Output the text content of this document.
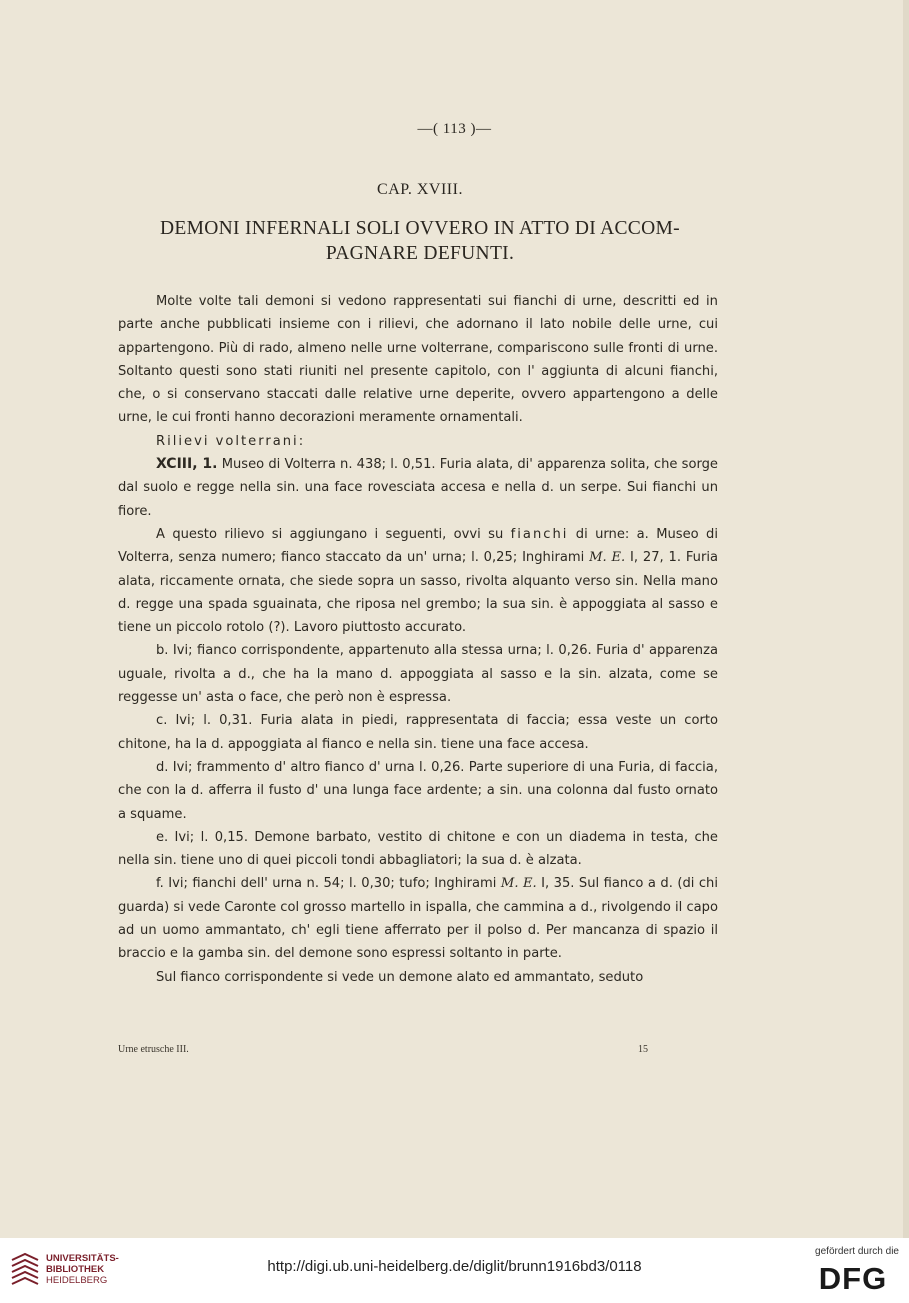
—( 113 )—
CAP. XVIII.
DEMONI INFERNALI SOLI OVVERO IN ATTO DI ACCOM-
PAGNARE DEFUNTI.

Molte volte tali demoni si vedono rappresentati sui fianchi di urne, descritti ed in parte anche pubblicati insieme con i rilievi, che adornano il lato nobile delle urne, cui appartengono. Più di rado, almeno nelle urne volterrane, compariscono sulle fronti di urne. Soltanto questi sono stati riuniti nel presente capitolo, con l' aggiunta di alcuni fianchi, che, o si conservano staccati dalle relative urne deperite, ovvero appartengono a delle urne, le cui fronti hanno decorazioni meramente ornamentali.

Rilievi volterrani:

XCIII, 1. Museo di Volterra n. 438; l. 0,51. Furia alata, di' apparenza solita, che sorge dal suolo e regge nella sin. una face rovesciata accesa e nella d. un serpe. Sui fianchi un fiore.

A questo rilievo si aggiungano i seguenti, ovvi su fianchi di urne: a. Museo di Volterra, senza numero; fianco staccato da un' urna; l. 0,25; Inghirami M. E. I, 27, 1. Furia alata, riccamente ornata, che siede sopra un sasso, rivolta alquanto verso sin. Nella mano d. regge una spada sguainata, che riposa nel grembo; la sua sin. è appoggiata al sasso e tiene un piccolo rotolo (?). Lavoro piuttosto accurato.

b. Ivi; fianco corrispondente, appartenuto alla stessa urna; l. 0,26. Furia d' apparenza uguale, rivolta a d., che ha la mano d. appoggiata al sasso e la sin. alzata, come se reggesse un' asta o face, che però non è espressa.

c. Ivi; l. 0,31. Furia alata in piedi, rappresentata di faccia; essa veste un corto chitone, ha la d. appoggiata al fianco e nella sin. tiene una face accesa.

d. Ivi; frammento d' altro fianco d' urna l. 0,26. Parte superiore di una Furia, di faccia, che con la d. afferra il fusto d' una lunga face ardente; a sin. una colonna dal fusto ornato a squame.

e. Ivi; l. 0,15. Demone barbato, vestito di chitone e con un diadema in testa, che nella sin. tiene uno di quei piccoli tondi abbagliatori; la sua d. è alzata.

f. Ivi; fianchi dell' urna n. 54; l. 0,30; tufo; Inghirami M. E. I, 35. Sul fianco a d. (di chi guarda) si vede Caronte col grosso martello in ispalla, che cammina a d., rivolgendo il capo ad un uomo ammantato, ch' egli tiene afferrato per il polso d. Per mancanza di spazio il braccio e la gamba sin. del demone sono espressi soltanto in parte.

Sul fianco corrispondente si vede un demone alato ed ammantato, seduto

Urne etrusche III.	15
UNIVERSITÄTS-
BIBLIOTHEK
HEIDELBERG
http://digi.ub.uni-heidelberg.de/diglit/brunn1916bd3/0118
gefördert durch die
DFG
